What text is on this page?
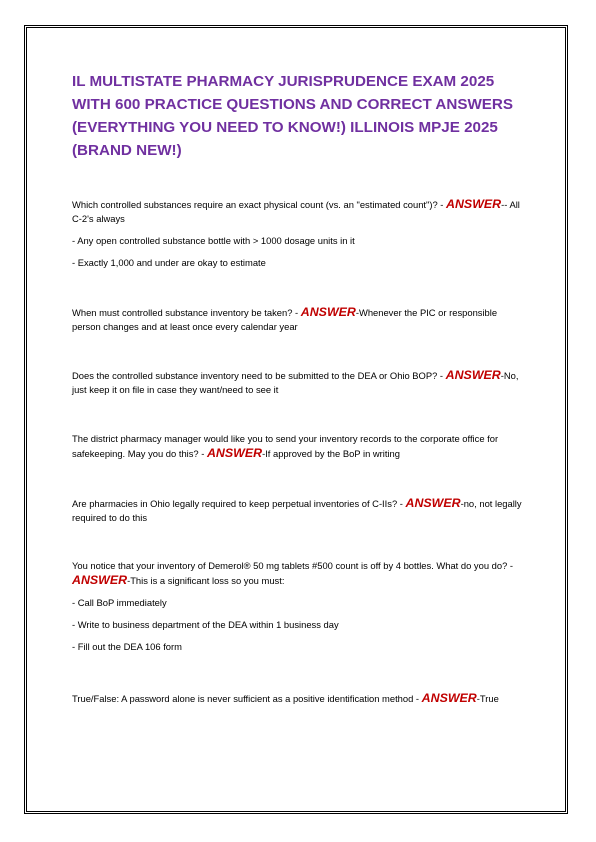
IL MULTISTATE PHARMACY JURISPRUDENCE EXAM 2025 WITH 600 PRACTICE QUESTIONS AND CORRECT ANSWERS (EVERYTHING YOU NEED TO KNOW!) ILLINOIS MPJE 2025 (BRAND NEW!)

Which controlled substances require an exact physical count (vs. an "estimated count")? - ANSWER-- All C-2's always

- Any open controlled substance bottle with > 1000 dosage units in it

- Exactly 1,000 and under are okay to estimate

When must controlled substance inventory be taken? - ANSWER-Whenever the PIC or responsible person changes and at least once every calendar year

Does the controlled substance inventory need to be submitted to the DEA or Ohio BOP? - ANSWER-No, just keep it on file in case they want/need to see it

The district pharmacy manager would like you to send your inventory records to the corporate office for safekeeping. May you do this? - ANSWER-If approved by the BoP in writing

Are pharmacies in Ohio legally required to keep perpetual inventories of C-IIs? - ANSWER-no, not legally required to do this

You notice that your inventory of Demerol® 50 mg tablets #500 count is off by 4 bottles. What do you do? - ANSWER-This is a significant loss so you must:

- Call BoP immediately

- Write to business department of the DEA within 1 business day

- Fill out the DEA 106 form

True/False: A password alone is never sufficient as a positive identification method - ANSWER-True
